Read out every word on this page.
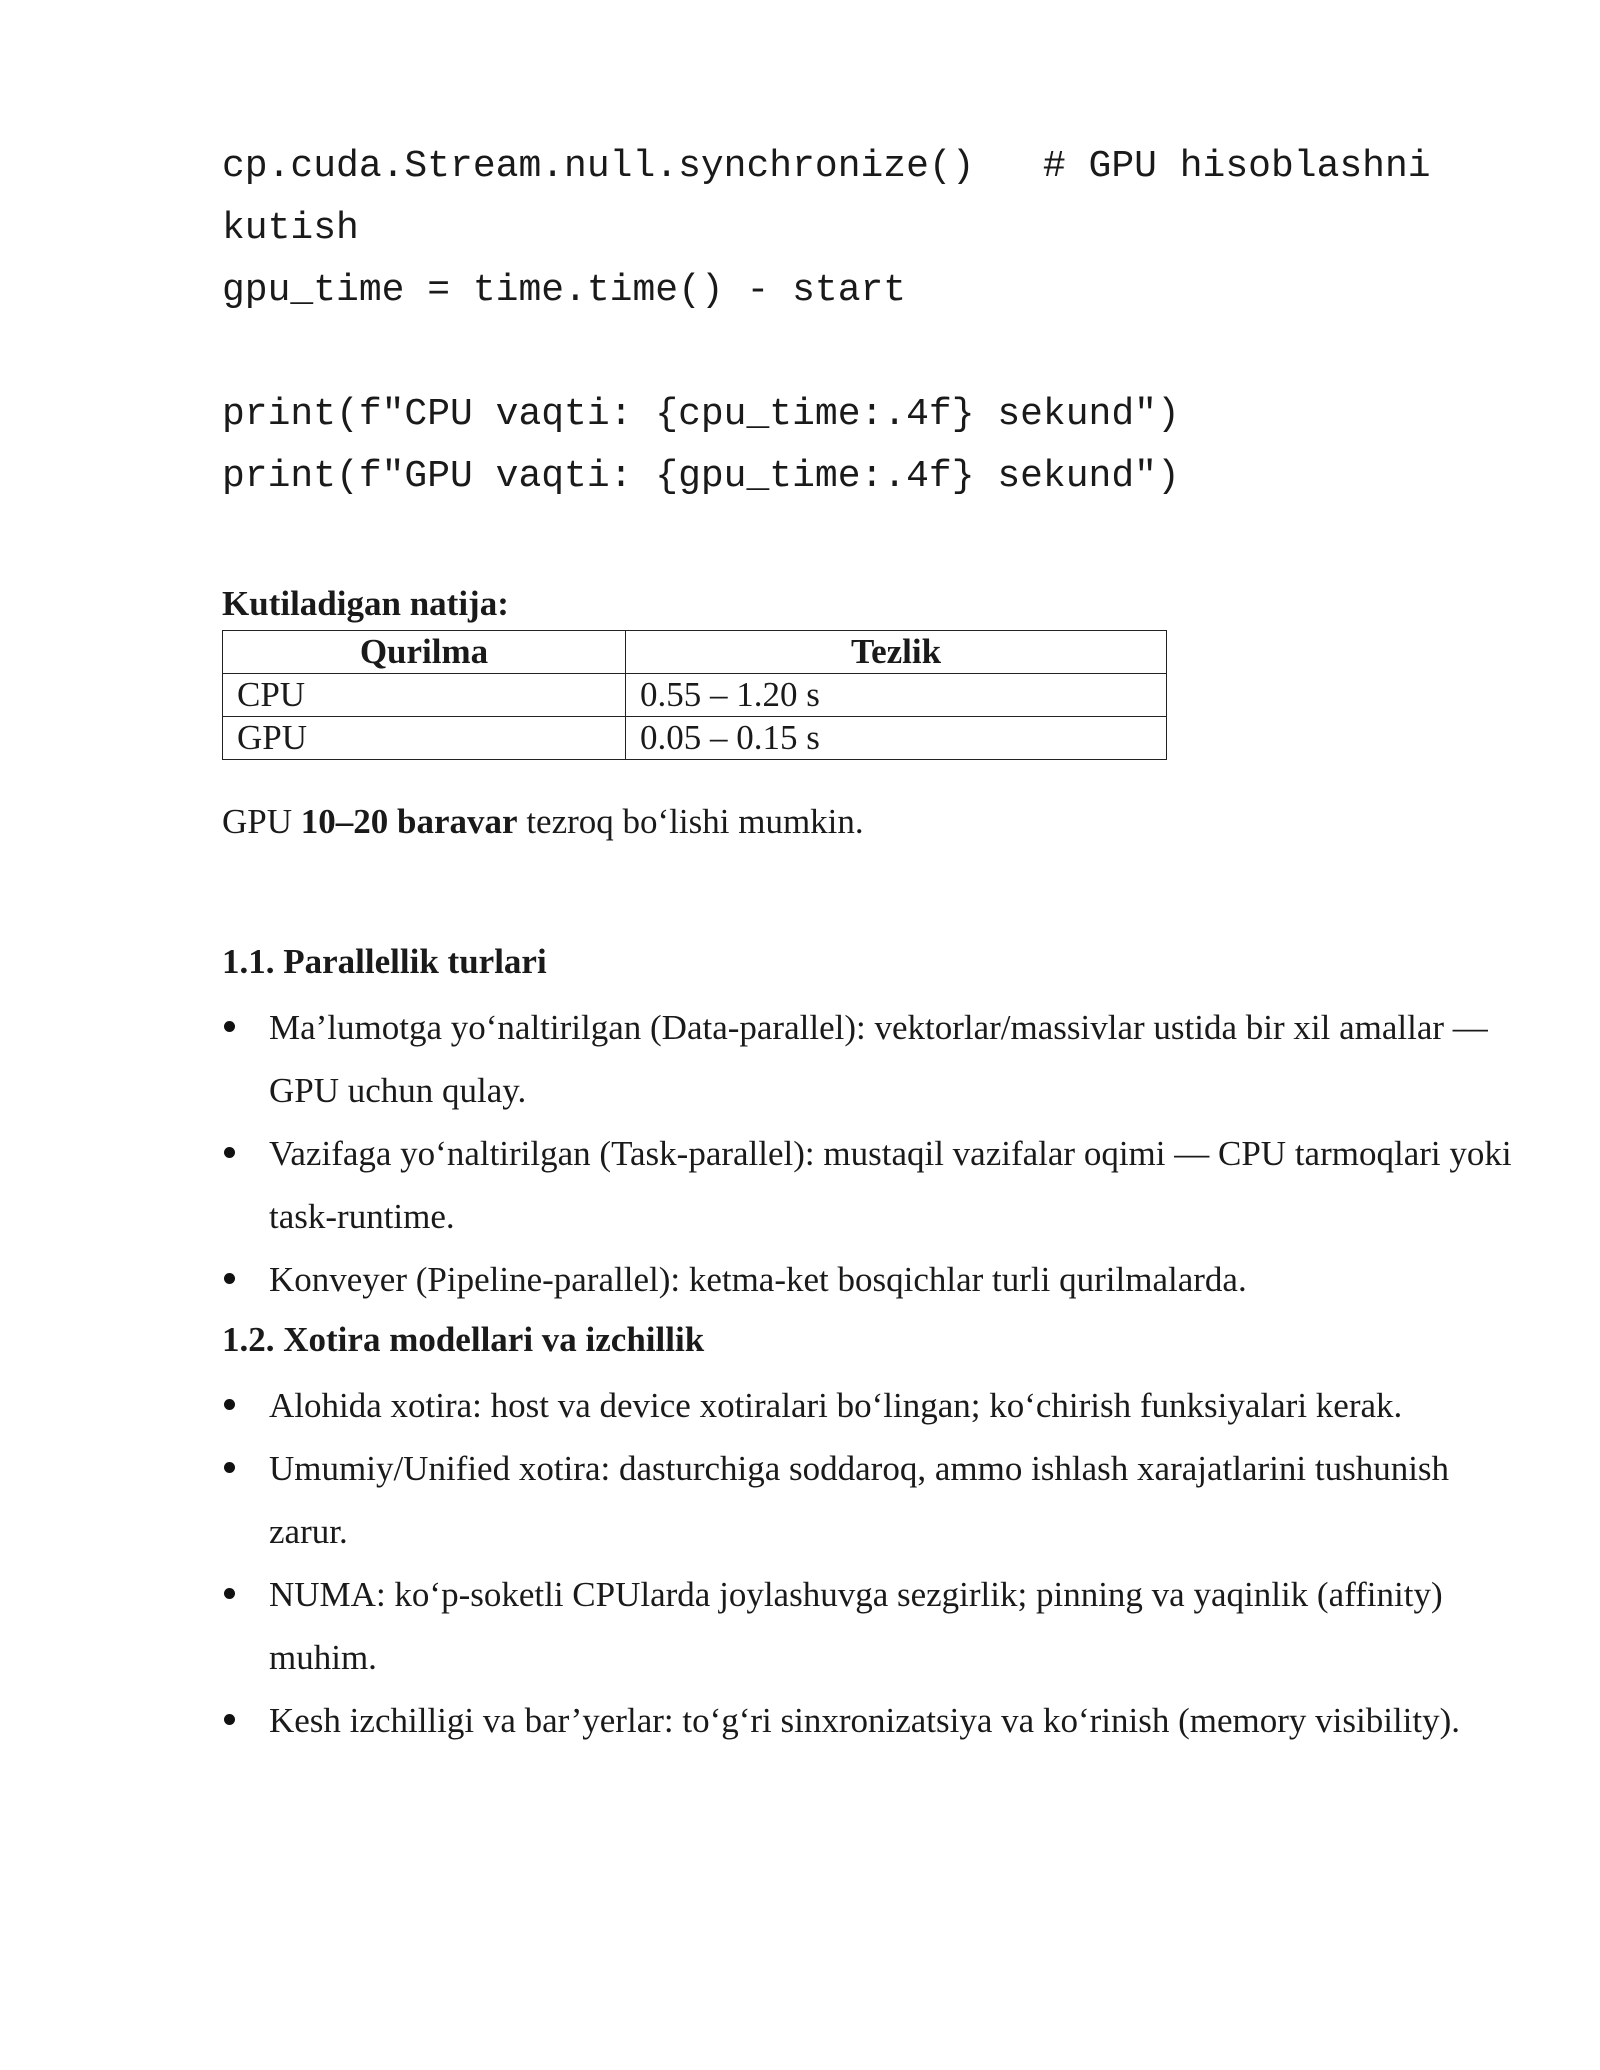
cp.cuda.Stream.null.synchronize()   # GPU hisoblashni
kutish
gpu_time = time.time() - start
print(f"CPU vaqti: {cpu_time:.4f} sekund")
print(f"GPU vaqti: {gpu_time:.4f} sekund")
Kutiladigan natija:
Qurilma	Tezlik
CPU	0.55 – 1.20 s
GPU	0.05 – 0.15 s
GPU 10–20 baravar tezroq bo‘lishi mumkin.
1.1. Parallellik turlari
Ma’lumotga yo‘naltirilgan (Data-parallel): vektorlar/massivlar ustida bir xil amallar — GPU uchun qulay.
Vazifaga yo‘naltirilgan (Task-parallel): mustaqil vazifalar oqimi — CPU tarmoqlari yoki task-runtime.
Konveyer (Pipeline-parallel): ketma-ket bosqichlar turli qurilmalarda.
1.2. Xotira modellari va izchillik
Alohida xotira: host va device xotiralari bo‘lingan; ko‘chirish funksiyalari kerak.
Umumiy/Unified xotira: dasturchiga soddaroq, ammo ishlash xarajatlarini tushunish zarur.
NUMA: ko‘p-soketli CPUlarda joylashuvga sezgirlik; pinning va yaqinlik (affinity) muhim.
Kesh izchilligi va bar’yerlar: to‘g‘ri sinxronizatsiya va ko‘rinish (memory visibility).
